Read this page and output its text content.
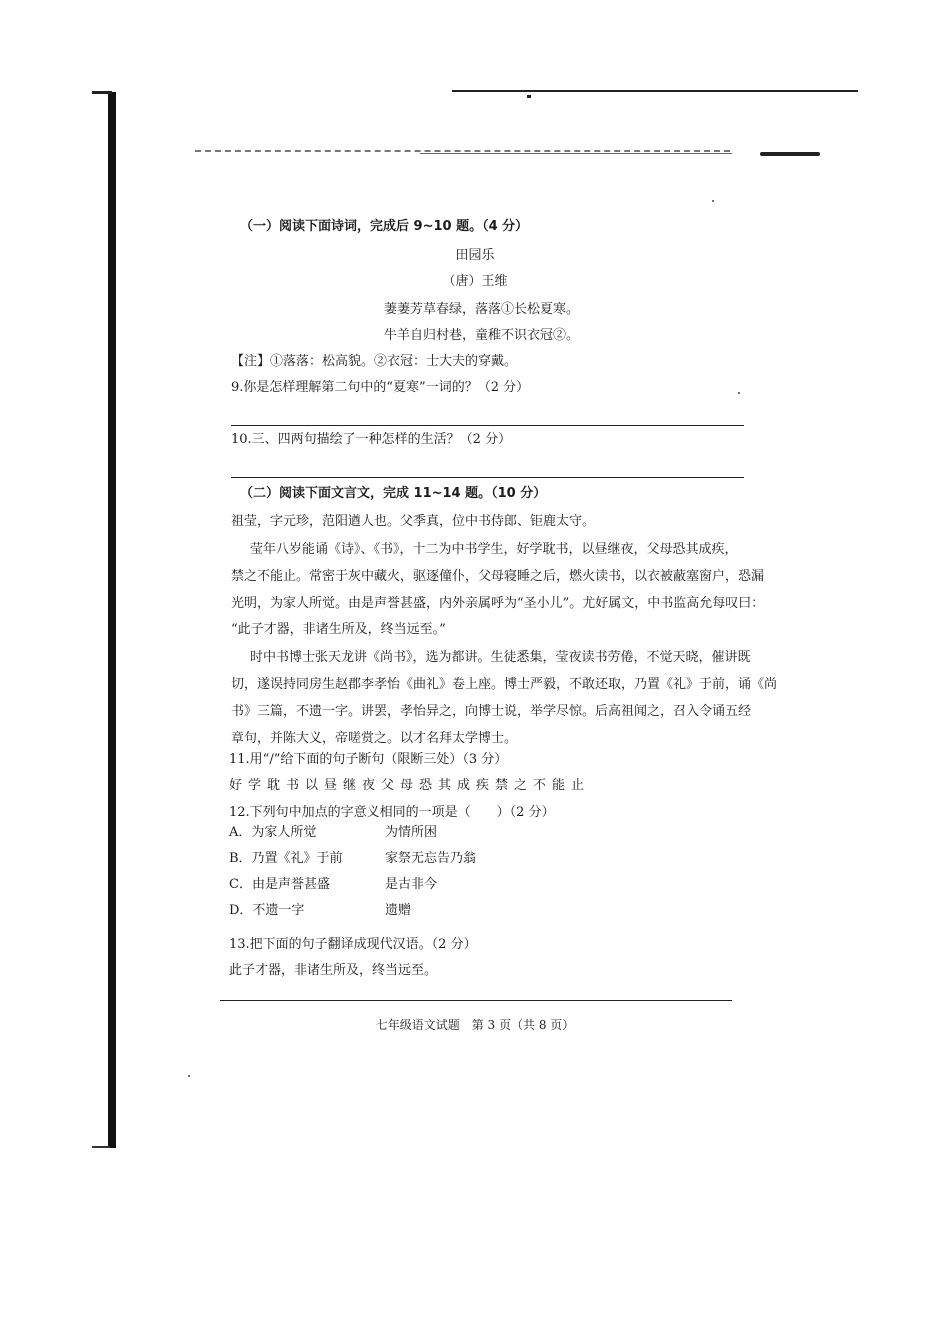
（一）阅读下面诗词，完成后 9~10 题。（4 分）
田园乐
（唐）王维
萋萋芳草春绿，落落①长松夏寒。
牛羊自归村巷，童稚不识衣冠②。
【注】①落落：松高貌。②衣冠：士大夫的穿戴。
9.你是怎样理解第二句中的“夏寒”一词的？（2 分）
10.三、四两句描绘了一种怎样的生活？（2 分）
（二）阅读下面文言文，完成 11~14 题。（10 分）
祖莹，字元珍，范阳遒人也。父季真，位中书侍郎、钜鹿太守。
莹年八岁能诵《诗》、《书》，十二为中书学生，好学耽书，以昼继夜，父母恐其成疾，
禁之不能止。常密于灰中藏火，驱逐僮仆，父母寝睡之后，燃火读书，以衣被蔽塞窗户，恐漏
光明，为家人所觉。由是声誉甚盛，内外亲属呼为“圣小儿”。尤好属文，中书监高允每叹曰：
“此子才器，非诸生所及，终当远至。”
时中书博士张天龙讲《尚书》，选为都讲。生徒悉集，莹夜读书劳倦，不觉天晓，催讲既
切，遂误持同房生赵郡李孝怡《曲礼》卷上座。博士严毅，不敢还取，乃置《礼》于前，诵《尚
书》三篇，不遗一字。讲罢，孝怡异之，向博士说，举学尽惊。后高祖闻之，召入令诵五经
章句，并陈大义，帝嗟赏之。以才名拜太学博士。
11.用“/”给下面的句子断句（限断三处）（3 分）
好学耽书以昼继夜父母恐其成疾禁之不能止
12.下列句中加点的字意义相同的一项是（　　）（2 分）
A．为家人所觉	为情所困
B．乃置《礼》于前	家祭无忘告乃翁
C．由是声誉甚盛	是古非今
D．不遗一字	遗赠
13.把下面的句子翻译成现代汉语。（2 分）
此子才器，非诸生所及，终当远至。
七年级语文试题　第 3 页（共 8 页）
